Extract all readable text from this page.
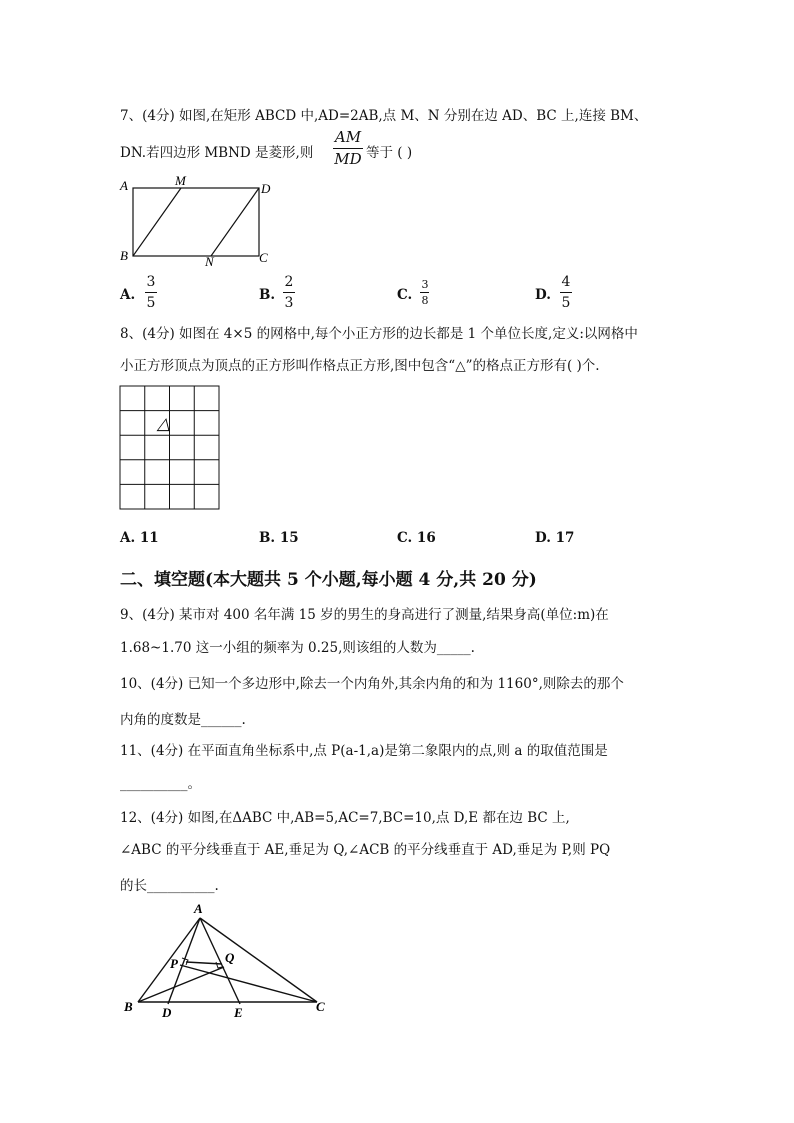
7、(4分) 如图,在矩形 ABCD 中,AD=2AB,点 M、N 分别在边 AD、BC 上,连接 BM、
DN.若四边形 MBND 是菱形,则
AM
MD 等于 ( )
A	M
D
B	N	C
A.
3
5	B.
2
3	C.
3
8	D.
4
5
8、(4分) 如图在 4×5 的网格中,每个小正方形的边长都是 1 个单位长度,定义:以网格中
小正方形顶点为顶点的正方形叫作格点正方形,图中包含“△”的格点正方形有( )个.
△
A. 11	B. 15	C. 16	D. 17
二、填空题(本大题共 5 个小题,每小题 4 分,共 20 分)
9、(4分) 某市对 400 名年满 15 岁的男生的身高进行了测量,结果身高(单位:m)在
1.68~1.70 这一小组的频率为 0.25,则该组的人数为_____.
10、(4分) 已知一个多边形中,除去一个内角外,其余内角的和为 1160°,则除去的那个
内角的度数是______.
11、(4分) 在平面直角坐标系中,点 P(a-1,a)是第二象限内的点,则 a 的取值范围是
__________。
12、(4分) 如图,在ΔABC 中,AB=5,AC=7,BC=10,点 D,E 都在边 BC 上,
∠ABC 的平分线垂直于 AE,垂足为 Q,∠ACB 的平分线垂直于 AD,垂足为 P,则 PQ
的长__________.
A
P	Q
B D	E	C
